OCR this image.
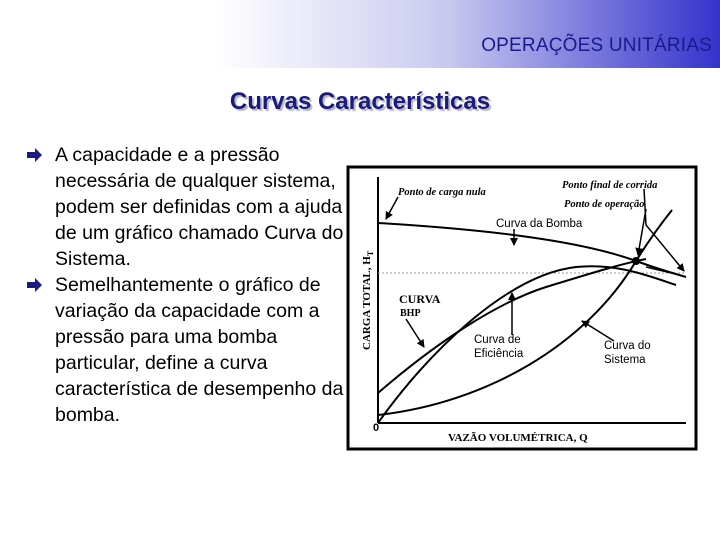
OPERAÇÕES UNITÁRIAS
Curvas Características
A capacidade e a pressão necessária de qualquer sistema, podem ser definidas com a ajuda de um gráfico chamado Curva do Sistema.
Semelhantemente o gráfico de variação da capacidade com a pressão para uma bomba particular, define a curva característica de desempenho da bomba.
CARGA TOTAL, $H_T$
VAZÃO VOLUMÉTRICA, Q
0
Ponto de carga nula
Ponto final de corrida
Ponto de operação
Curva da Bomba
CURVA
BHP
Curva de
Eficiência
Curva do
Sistema
